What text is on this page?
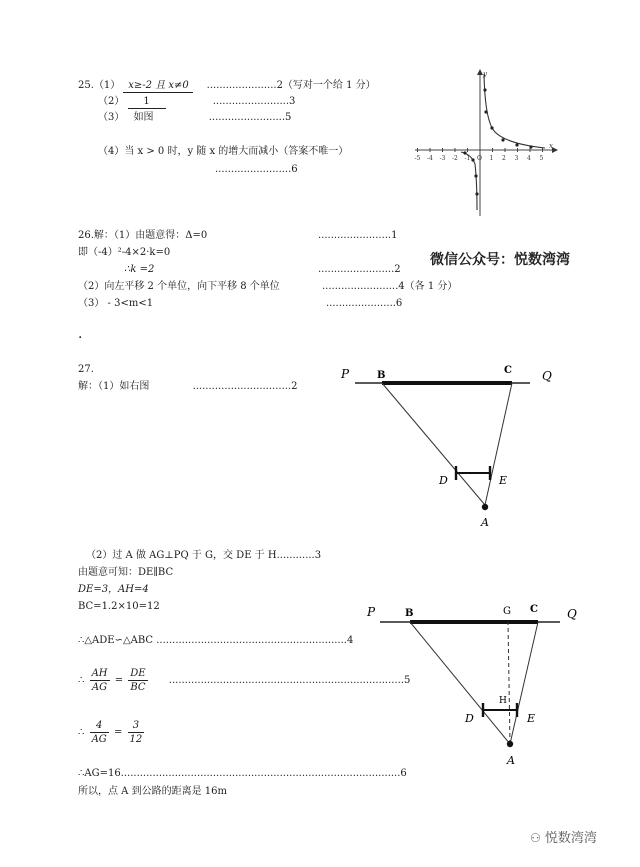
25.（1） x≥-2 且 x≠0 ......................2（写对一个给 1 分）
（2） 1	........................3
（3） 如图	........................5
（4）当 x > 0 时，y 随 x 的增大而减小（答案不唯一）
........................6
-5 -4 -3 -2 -1 O 1 2 3 4 5
x
y
微信公众号：悦数湾湾
26.解：（1）由题意得：Δ=0	.......................1
即（-4）²-4×2·k=0
∴k =2	........................2
（2）向左平移 2 个单位，向下平移 8 个单位	........................4（各 1 分）
（3） - 3<m<1	......................6
·
27.
解：（1）如右图	...............................2
P	Q
B	C
D	E
A
（2）过 A 做 AG⊥PQ 于 G，交 DE 于 H............3
由题意可知：DE∥BC
DE=3，AH=4
BC=1.2×10=12
∴△ADE∽△ABC ............................................................4
∴ $\frac{AH}{AG} = \frac{DE}{BC} ..........................................................................5$
∴ $\frac{4}{AG} = \frac{3}{12}$
∴AG=16........................................................................................6
所以，点 A 到公路的距离是 16m
P	Q
B	G C
H
D	E
A
⚇ 悦数湾湾
